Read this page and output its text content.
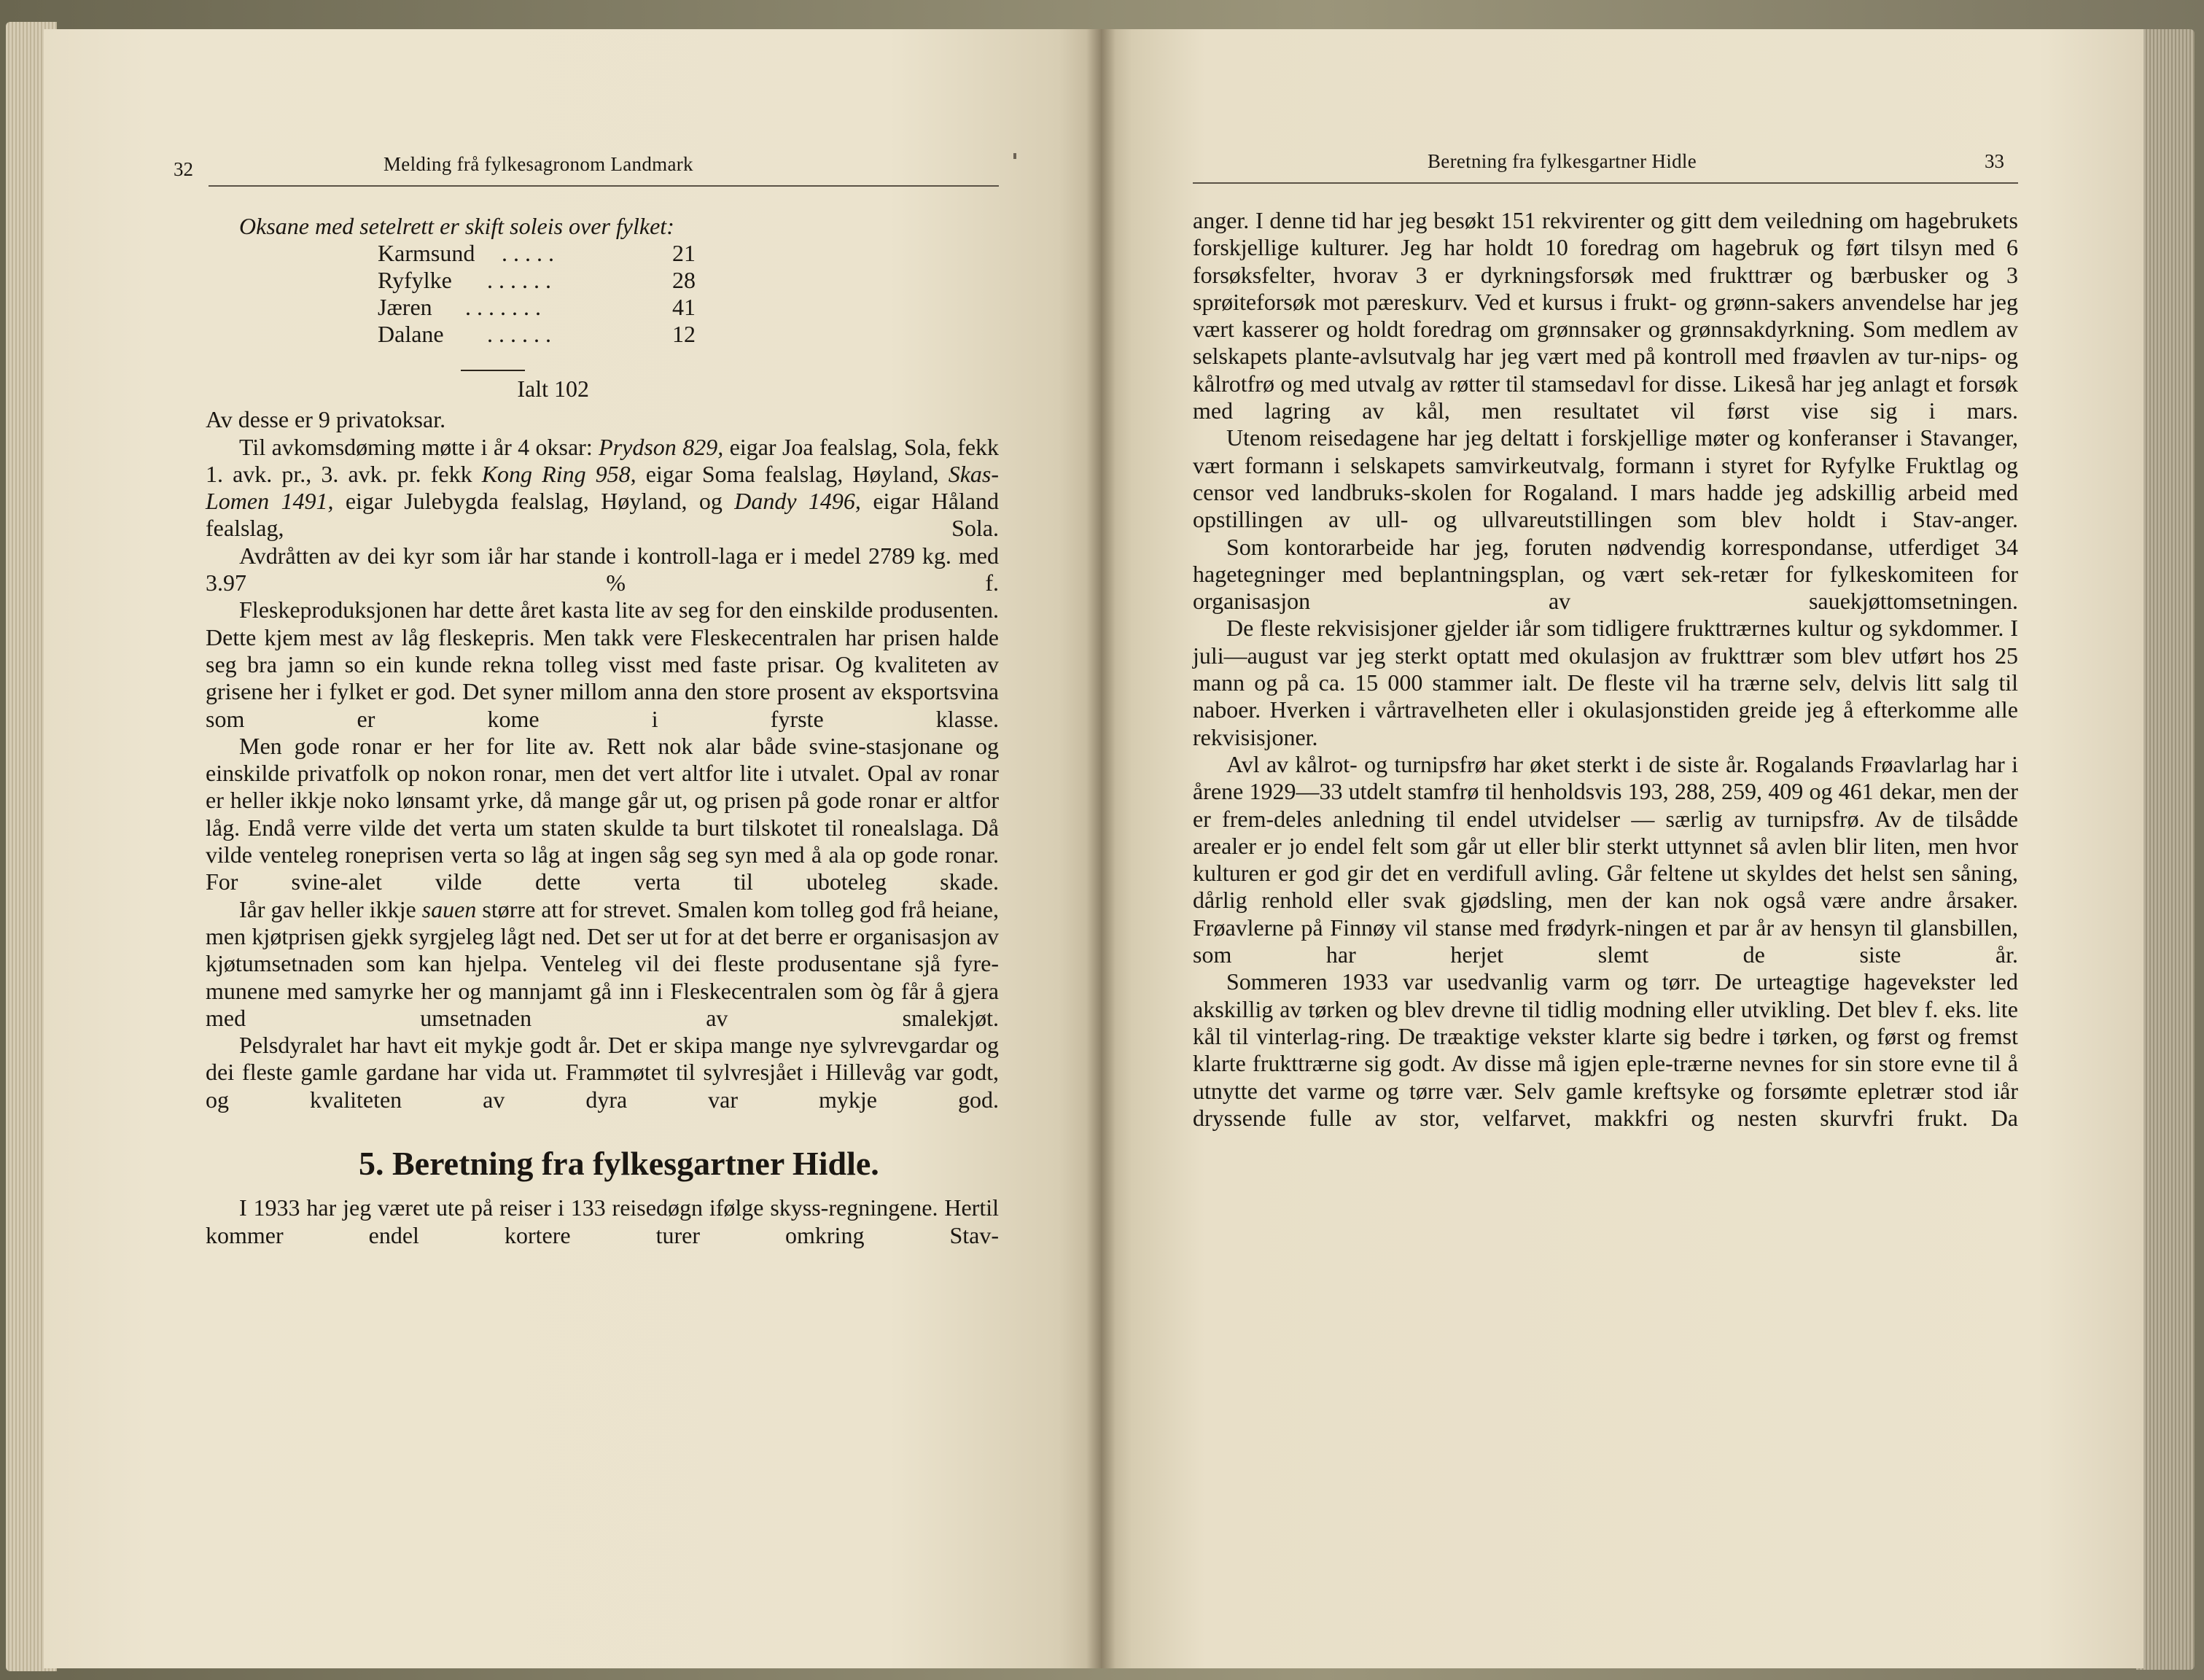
32	Melding frå fylkesagronom Landmark

Oksane med setelrett er skift soleis over fylket:

Karmsund . . . . .	21
Ryfylke . . . . . .	28
Jæren . . . . . . .	41
Dalane . . . . . .	12
Ialt 102

Av desse er 9 privatoksar.

Til avkomsdøming møtte i år 4 oksar: Prydson 829, eigar Joa fealslag, Sola, fekk 1. avk. pr., 3. avk. pr. fekk Kong Ring 958, eigar Soma fealslag, Høyland, Skas-Lomen 1491, eigar Julebygda fealslag, Høyland, og Dandy 1496, eigar Håland fealslag, Sola.

Avdråtten av dei kyr som iår har stande i kontroll-laga er i medel 2789 kg. med 3.97 % f.

Fleskeproduksjonen har dette året kasta lite av seg for den einskilde produsenten. Dette kjem mest av låg fleskepris. Men takk vere Fleskecentralen har prisen halde seg bra jamn so ein kunde rekna tolleg visst med faste prisar. Og kvaliteten av grisene her i fylket er god. Det syner millom anna den store prosent av eksportsvina som er kome i fyrste klasse.

Men gode ronar er her for lite av. Rett nok alar både svine-stasjonane og einskilde privatfolk op nokon ronar, men det vert altfor lite i utvalet. Opal av ronar er heller ikkje noko lønsamt yrke, då mange går ut, og prisen på gode ronar er altfor låg. Endå verre vilde det verta um staten skulde ta burt tilskotet til ronealslaga. Då vilde venteleg roneprisen verta so låg at ingen såg seg syn med å ala op gode ronar. For svine-alet vilde dette verta til uboteleg skade.

Iår gav heller ikkje sauen større att for strevet. Smalen kom tolleg god frå heiane, men kjøtprisen gjekk syrgjeleg lågt ned. Det ser ut for at det berre er organisasjon av kjøtumsetnaden som kan hjelpa. Venteleg vil dei fleste produsentane sjå fyre-munene med samyrke her og mannjamt gå inn i Fleskecentralen som òg får å gjera med umsetnaden av smalekjøt.

Pelsdyralet har havt eit mykje godt år. Det er skipa mange nye sylvrevgardar og dei fleste gamle gardane har vida ut. Frammøtet til sylvresjået i Hillevåg var godt, og kvaliteten av dyra var mykje god.

5. Beretning fra fylkesgartner Hidle.

I 1933 har jeg været ute på reiser i 133 reisedøgn ifølge skyss-regningene. Hertil kommer endel kortere turer omkring Stav-

Beretning fra fylkesgartner Hidle	33

anger. I denne tid har jeg besøkt 151 rekvirenter og gitt dem veiledning om hagebrukets forskjellige kulturer. Jeg har holdt 10 foredrag om hagebruk og ført tilsyn med 6 forsøksfelter, hvorav 3 er dyrkningsforsøk med frukttrær og bærbusker og 3 sprøiteforsøk mot pæreskurv. Ved et kursus i frukt- og grønn-sakers anvendelse har jeg vært kasserer og holdt foredrag om grønnsaker og grønnsakdyrkning. Som medlem av selskapets plante-avlsutvalg har jeg vært med på kontroll med frøavlen av tur-nips- og kålrotfrø og med utvalg av røtter til stamsedavl for disse. Likeså har jeg anlagt et forsøk med lagring av kål, men resultatet vil først vise sig i mars.

Utenom reisedagene har jeg deltatt i forskjellige møter og konferanser i Stavanger, vært formann i selskapets samvirkeutvalg, formann i styret for Ryfylke Fruktlag og censor ved landbruks-skolen for Rogaland. I mars hadde jeg adskillig arbeid med opstillingen av ull- og ullvareutstillingen som blev holdt i Stav-anger.

Som kontorarbeide har jeg, foruten nødvendig korrespondanse, utferdiget 34 hagetegninger med beplantningsplan, og vært sek-retær for fylkeskomiteen for organisasjon av sauekjøttomsetningen.

De fleste rekvisisjoner gjelder iår som tidligere frukttrærnes kultur og sykdommer. I juli—august var jeg sterkt optatt med okulasjon av frukttrær som blev utført hos 25 mann og på ca. 15 000 stammer ialt. De fleste vil ha trærne selv, delvis litt salg til naboer. Hverken i vårtravelheten eller i okulasjonstiden greide jeg å efterkomme alle rekvisisjoner.

Avl av kålrot- og turnipsfrø har øket sterkt i de siste år. Rogalands Frøavlarlag har i årene 1929—33 utdelt stamfrø til henholdsvis 193, 288, 259, 409 og 461 dekar, men der er frem-deles anledning til endel utvidelser — særlig av turnipsfrø. Av de tilsådde arealer er jo endel felt som går ut eller blir sterkt uttynnet så avlen blir liten, men hvor kulturen er god gir det en verdifull avling. Går feltene ut skyldes det helst sen såning, dårlig renhold eller svak gjødsling, men der kan nok også være andre årsaker. Frøavlerne på Finnøy vil stanse med frødyrk-ningen et par år av hensyn til glansbillen, som har herjet slemt de siste år.

Sommeren 1933 var usedvanlig varm og tørr. De urteagtige hagevekster led akskillig av tørken og blev drevne til tidlig modning eller utvikling. Det blev f. eks. lite kål til vinterlag-ring. De træaktige vekster klarte sig bedre i tørken, og først og fremst klarte frukttrærne sig godt. Av disse må igjen eple-trærne nevnes for sin store evne til å utnytte det varme og tørre vær. Selv gamle kreftsyke og forsømte epletrær stod iår dryssende fulle av stor, velfarvet, makkfri og nesten skurvfri frukt. Da
